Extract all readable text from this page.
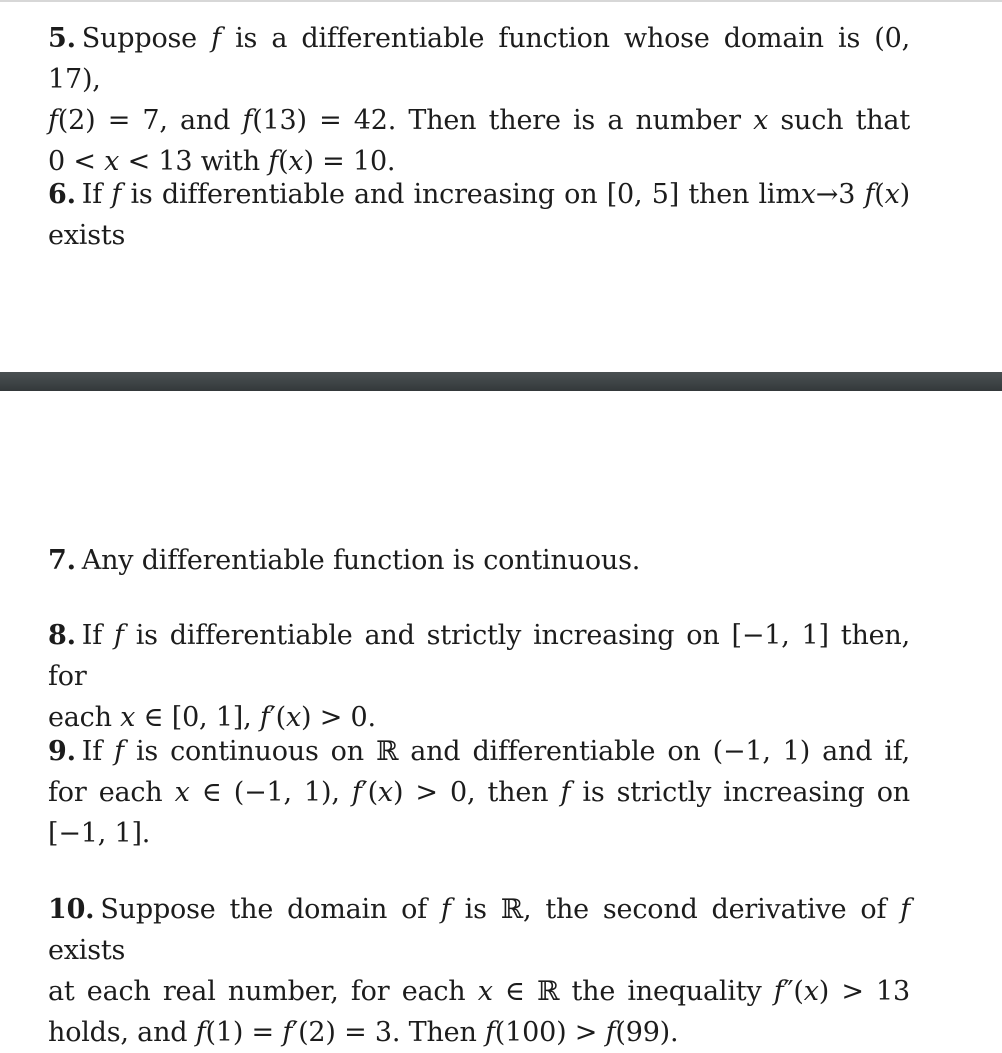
5. Suppose 𝑓 is a differentiable function whose domain is (0, 17),
𝑓(2) = 7, and 𝑓(13) = 42. Then there is a number 𝑥 such that
0 < 𝑥 < 13 with 𝑓(𝑥) = 10.
6. If 𝑓 is differentiable and increasing on [0, 5] then lim𝑥→3 𝑓(𝑥)
exists
7. Any differentiable function is continuous.
8. If 𝑓 is differentiable and strictly increasing on [−1, 1] then, for
each 𝑥 ∈ [0, 1], 𝑓′(𝑥) > 0.
9. If 𝑓 is continuous on ℝ and differentiable on (−1, 1) and if,
for each 𝑥 ∈ (−1, 1), 𝑓′(𝑥) > 0, then 𝑓 is strictly increasing on
[−1, 1].
10. Suppose the domain of 𝑓 is ℝ, the second derivative of 𝑓 exists
at each real number, for each 𝑥 ∈ ℝ the inequality 𝑓″(𝑥) > 13
holds, and 𝑓(1) = 𝑓′(2) = 3. Then 𝑓(100) > 𝑓(99).
